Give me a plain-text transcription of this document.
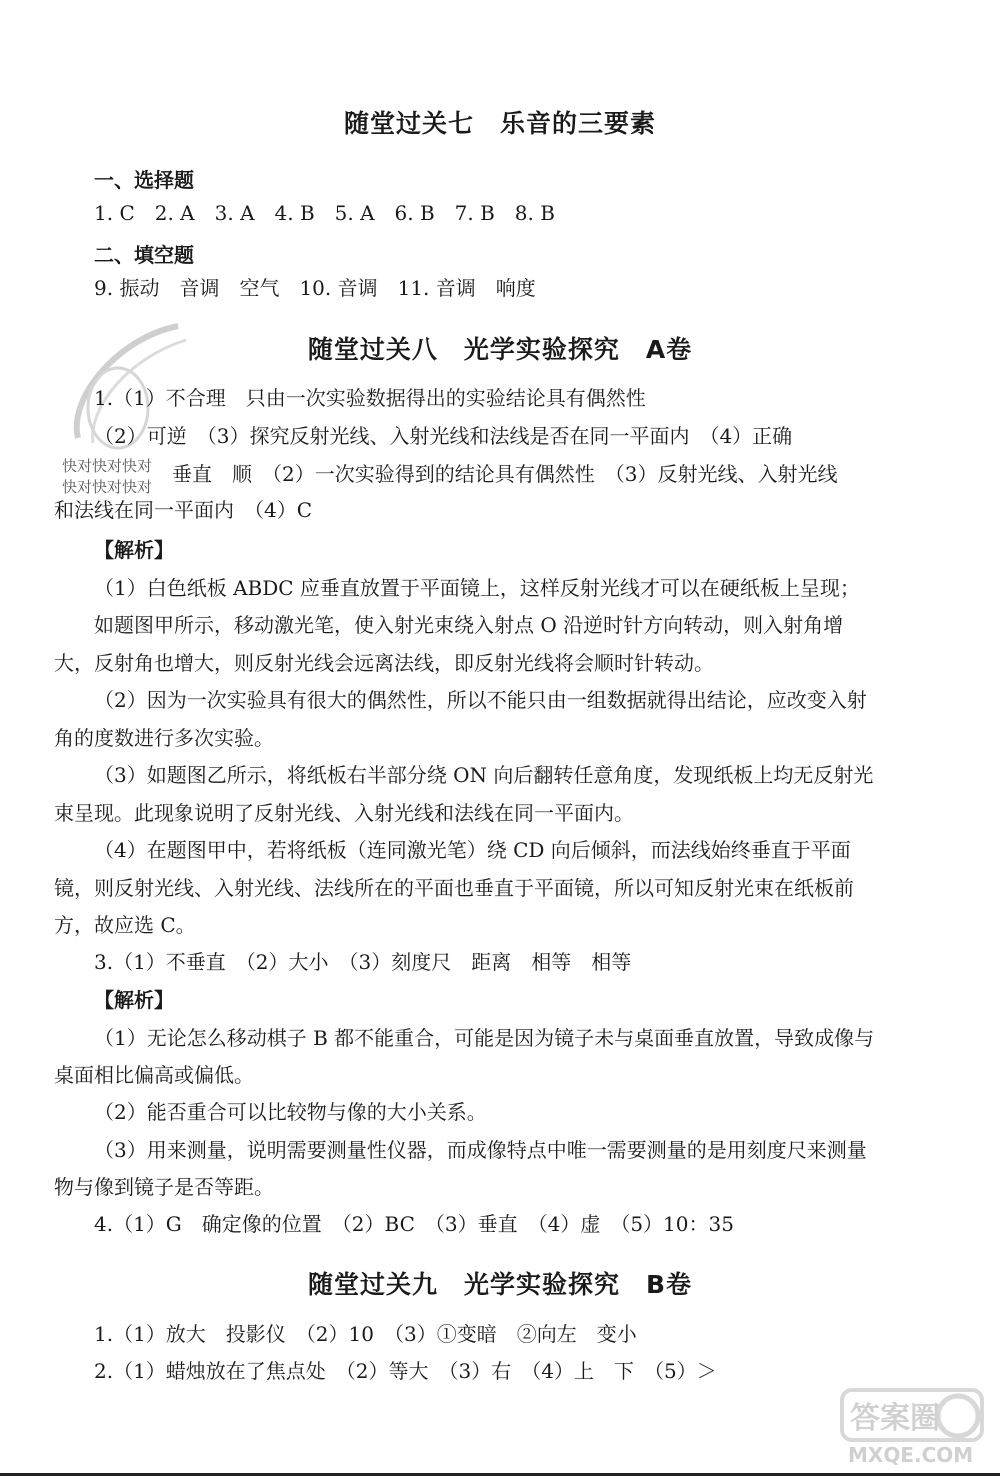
随堂过关七　乐音的三要素
一、选择题
1. C　2. A　3. A　4. B　5. A　6. B　7. B　8. B
二、填空题
9. 振动　音调　空气　10. 音调　11. 音调　响度
随堂过关八　光学实验探究　A卷
1.（1）不合理　只由一次实验数据得出的实验结论具有偶然性
（2）可逆　（3）探究反射光线、入射光线和法线是否在同一平面内　（4）正确
快对快对快对
快对快对快对
垂直　顺　（2）一次实验得到的结论具有偶然性　（3）反射光线、入射光线
和法线在同一平面内　（4）C
【解析】
（1）白色纸板 ABDC 应垂直放置于平面镜上，这样反射光线才可以在硬纸板上呈现；
如题图甲所示，移动激光笔，使入射光束绕入射点 O 沿逆时针方向转动，则入射角增
大，反射角也增大，则反射光线会远离法线，即反射光线将会顺时针转动。
（2）因为一次实验具有很大的偶然性，所以不能只由一组数据就得出结论，应改变入射
角的度数进行多次实验。
（3）如题图乙所示，将纸板右半部分绕 ON 向后翻转任意角度，发现纸板上均无反射光
束呈现。此现象说明了反射光线、入射光线和法线在同一平面内。
（4）在题图甲中，若将纸板（连同激光笔）绕 CD 向后倾斜，而法线始终垂直于平面
镜，则反射光线、入射光线、法线所在的平面也垂直于平面镜，所以可知反射光束在纸板前
方，故应选 C。
3.（1）不垂直　（2）大小　（3）刻度尺　距离　相等　相等
【解析】
（1）无论怎么移动棋子 B 都不能重合，可能是因为镜子未与桌面垂直放置，导致成像与
桌面相比偏高或偏低。
（2）能否重合可以比较物与像的大小关系。
（3）用来测量，说明需要测量性仪器，而成像特点中唯一需要测量的是用刻度尺来测量
物与像到镜子是否等距。
4.（1）G　确定像的位置　（2）BC　（3）垂直　（4）虚　（5）10：35
随堂过关九　光学实验探究　B卷
1.（1）放大　投影仪　（2）10　（3）①变暗　②向左　变小
2.（1）蜡烛放在了焦点处　（2）等大　（3）右　（4）上　下　（5）＞
答案圈
MXQE.COM
